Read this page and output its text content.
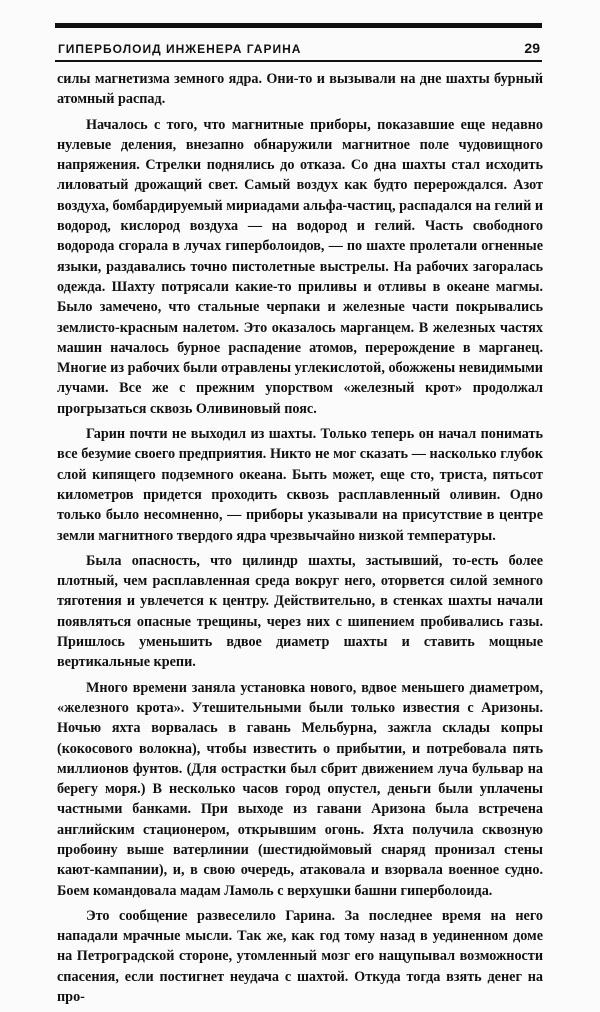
ГИПЕРБОЛОИД ИНЖЕНЕРА ГАРИНА	29

силы магнетизма земного ядра. Они-то и вызывали на дне шахты бурный атомный распад.

Началось с того, что магнитные приборы, показавшие еще недавно нулевые деления, внезапно обнаружили магнитное поле чудовищного напряжения. Стрелки поднялись до отказа. Со дна шахты стал исходить лиловатый дрожащий свет. Самый воздух как будто перерождался. Азот воздуха, бомбардируемый мириадами альфа-частиц, распадался на гелий и водород, кислород воздуха — на водород и гелий. Часть свободного водорода сгорала в лучах гиперболоидов, — по шахте пролетали огненные языки, раздавались точно пистолетные выстрелы. На рабочих загоралась одежда. Шахту потрясали какие-то приливы и отливы в океане магмы. Было замечено, что стальные черпаки и железные части покрывались землисто-красным налетом. Это оказалось марганцем. В железных частях машин началось бурное распадение атомов, перерождение в марганец. Многие из рабочих были отравлены углекислотой, обожжены невидимыми лучами. Все же с прежним упорством «железный крот» продолжал прогрызаться сквозь Оливиновый пояс.

Гарин почти не выходил из шахты. Только теперь он начал понимать все безумие своего предприятия. Никто не мог сказать — насколько глубок слой кипящего подземного океана. Быть может, еще сто, триста, пятьсот километров придется проходить сквозь расплавленный оливин. Одно только было несомненно, — приборы указывали на присутствие в центре земли магнитного твердого ядра чрезвычайно низкой температуры.

Была опасность, что цилиндр шахты, застывший, то-есть более плотный, чем расплавленная среда вокруг него, оторвется силой земного тяготения и увлечется к центру. Действительно, в стенках шахты начали появляться опасные трещины, через них с шипением пробивались газы. Пришлось уменьшить вдвое диаметр шахты и ставить мощные вертикальные крепи.

Много времени заняла установка нового, вдвое меньшего диаметром, «железного крота». Утешительными были только известия с Аризоны. Ночью яхта ворвалась в гавань Мельбурна, зажгла склады копры (кокосового волокна), чтобы известить о прибытии, и потребовала пять миллионов фунтов. (Для острастки был сбрит движением луча бульвар на берегу моря.) В несколько часов город опустел, деньги были уплачены частными банками. При выходе из гавани Аризона была встречена английским стационером, открывшим огонь. Яхта получила сквозную пробоину выше ватерлинии (шестидюймовый снаряд пронизал стены кают-кампании), и, в свою очередь, атаковала и взорвала военное судно. Боем командовала мадам Ламоль с верхушки башни гиперболоида.

Это сообщение развеселило Гарина. За последнее время на него нападали мрачные мысли. Так же, как год тому назад в уединенном доме на Петроградской стороне, утомленный мозг его нащупывал возможности спасения, если постигнет неудача с шахтой. Откуда тогда взять денег на про-
